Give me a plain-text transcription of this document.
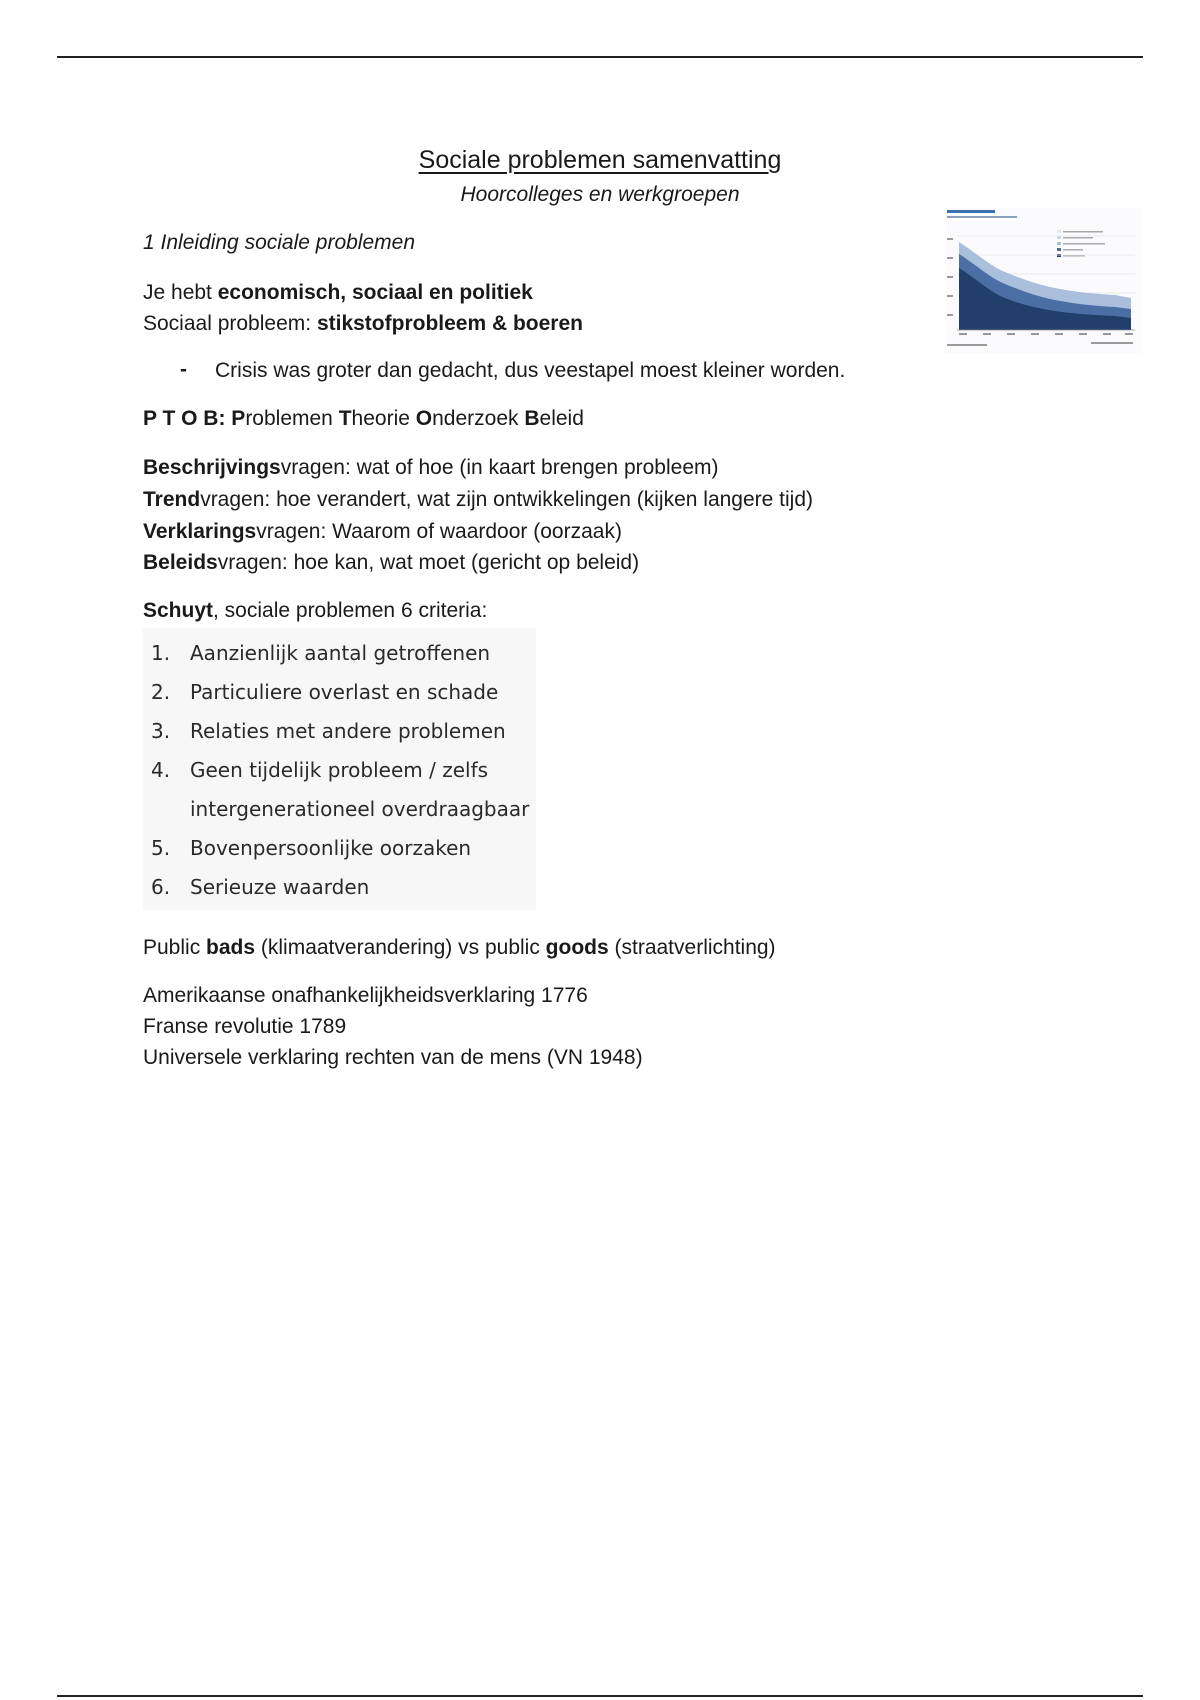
Sociale problemen samenvatting
Hoorcolleges en werkgroepen
1 Inleiding sociale problemen
Je hebt economisch, sociaal en politiek
Sociaal probleem: stikstofprobleem & boeren
- Crisis was groter dan gedacht, dus veestapel moest kleiner worden.
P T O B: Problemen Theorie Onderzoek Beleid
Beschrijvingsvragen: wat of hoe (in kaart brengen probleem)
Trendvragen: hoe verandert, wat zijn ontwikkelingen (kijken langere tijd)
Verklaringsvragen: Waarom of waardoor (oorzaak)
Beleidsvragen: hoe kan, wat moet (gericht op beleid)
Schuyt, sociale problemen 6 criteria:
1. Aanzienlijk aantal getroffenen
2. Particuliere overlast en schade
3. Relaties met andere problemen
4. Geen tijdelijk probleem / zelfs
intergenerationeel overdraagbaar
5. Bovenpersoonlijke oorzaken
6. Serieuze waarden
Public bads (klimaatverandering) vs public goods (straatverlichting)
Amerikaanse onafhankelijkheidsverklaring 1776
Franse revolutie 1789
Universele verklaring rechten van de mens (VN 1948)
